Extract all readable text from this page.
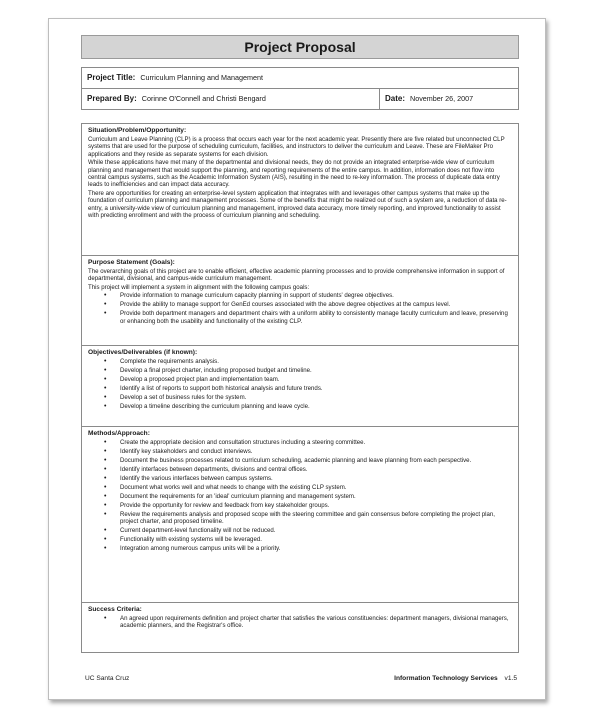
Project Proposal
Project Title: Curriculum Planning and Management
Prepared By: Corinne O'Connell and Christi Bengard	Date: November 26, 2007
Situation/Problem/Opportunity:

Curriculum and Leave Planning (CLP) is a process that occurs each year for the next academic year. Presently there are five related but unconnected CLP systems that are used for the purpose of scheduling curriculum, facilities, and instructors to deliver the curriculum and Leave. These are FileMaker Pro applications and they reside as separate systems for each division.

While these applications have met many of the departmental and divisional needs, they do not provide an integrated enterprise-wide view of curriculum planning and management that would support the planning, and reporting requirements of the entire campus. In addition, information does not flow into central campus systems, such as the Academic Information System (AIS), resulting in the need to re-key information. The process of duplicate data entry leads to inefficiencies and can impact data accuracy.

There are opportunities for creating an enterprise-level system application that integrates with and leverages other campus systems that make up the foundation of curriculum planning and management processes. Some of the benefits that might be realized out of such a system are, a reduction of data re-entry, a university-wide view of curriculum planning and management, improved data accuracy, more timely reporting, and improved functionality to assist with predicting enrollment and with the process of curriculum planning and scheduling.

Purpose Statement (Goals):

The overarching goals of this project are to enable efficient, effective academic planning processes and to provide comprehensive information in support of departmental, divisional, and campus-wide curriculum management.

This project will implement a system in alignment with the following campus goals:

• Provide information to manage curriculum capacity planning in support of students' degree objectives.
• Provide the ability to manage support for GenEd courses associated with the above degree objectives at the campus level.
• Provide both department managers and department chairs with a uniform ability to consistently manage faculty curriculum and leave, preserving or enhancing both the usability and functionality of the existing CLP.
Objectives/Deliverables (if known):
• Complete the requirements analysis.
• Develop a final project charter, including proposed budget and timeline.
• Develop a proposed project plan and implementation team.
• Identify a list of reports to support both historical analysis and future trends.
• Develop a set of business rules for the system.
• Develop a timeline describing the curriculum planning and leave cycle.
Methods/Approach:
• Create the appropriate decision and consultation structures including a steering committee.
• Identify key stakeholders and conduct interviews.
• Document the business processes related to curriculum scheduling, academic planning and leave planning from each perspective.
• Identify interfaces between departments, divisions and central offices.
• Identify the various interfaces between campus systems.
• Document what works well and what needs to change with the existing CLP system.
• Document the requirements for an 'ideal' curriculum planning and management system.
• Provide the opportunity for review and feedback from key stakeholder groups.
• Review the requirements analysis and proposed scope with the steering committee and gain consensus before completing the project plan, project charter, and proposed timeline.
• Current department-level functionality will not be reduced.
• Functionality with existing systems will be leveraged.
• Integration among numerous campus units will be a priority.
Success Criteria:
• An agreed upon requirements definition and project charter that satisfies the various constituencies: department managers, divisional managers, academic planners, and the Registrar's office.
UC Santa Cruz	Information Technology Services v1.5
